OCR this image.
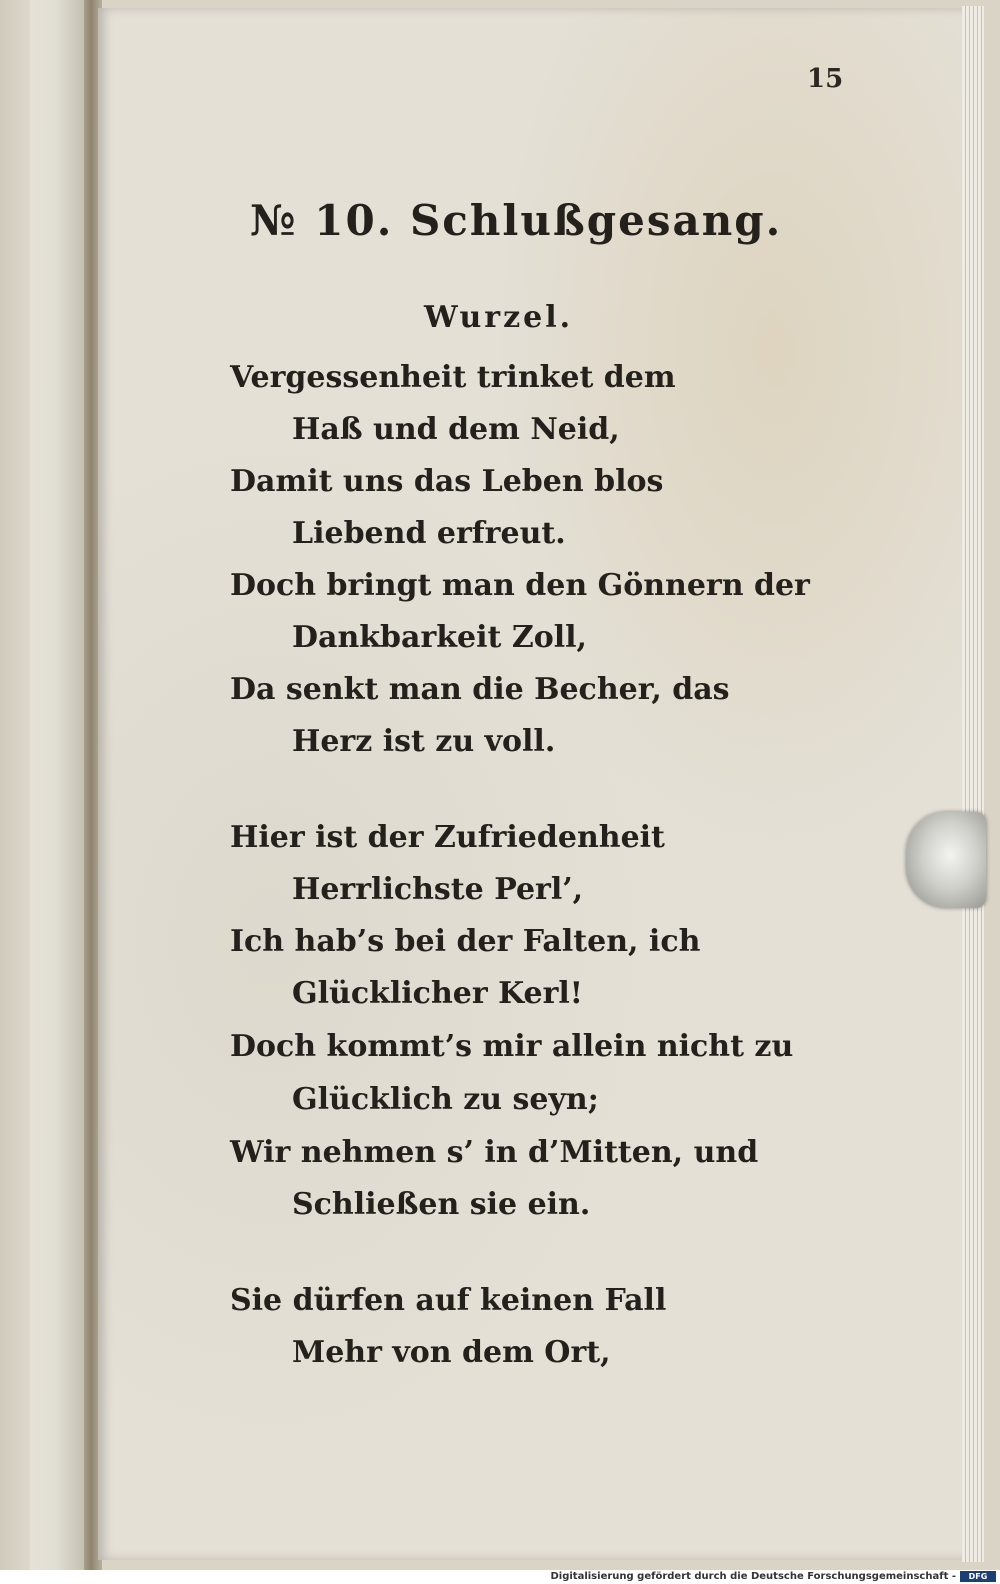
15
№ 10. Schlußgesang.
Wurzel.
Vergessenheit trinket dem
Haß und dem Neid,
Damit uns das Leben blos
Liebend erfreut.
Doch bringt man den Gönnern der
Dankbarkeit Zoll,
Da senkt man die Becher, das
Herz ist zu voll.
Hier ist der Zufriedenheit
Herrlichste Perl’,
Ich hab’s bei der Falten, ich
Glücklicher Kerl!
Doch kommt’s mir allein nicht zu
Glücklich zu seyn;
Wir nehmen s’ in d’Mitten, und
Schließen sie ein.
Sie dürfen auf keinen Fall
Mehr von dem Ort,
Digitalisierung gefördert durch die Deutsche Forschungsgemeinschaft -	DFG
